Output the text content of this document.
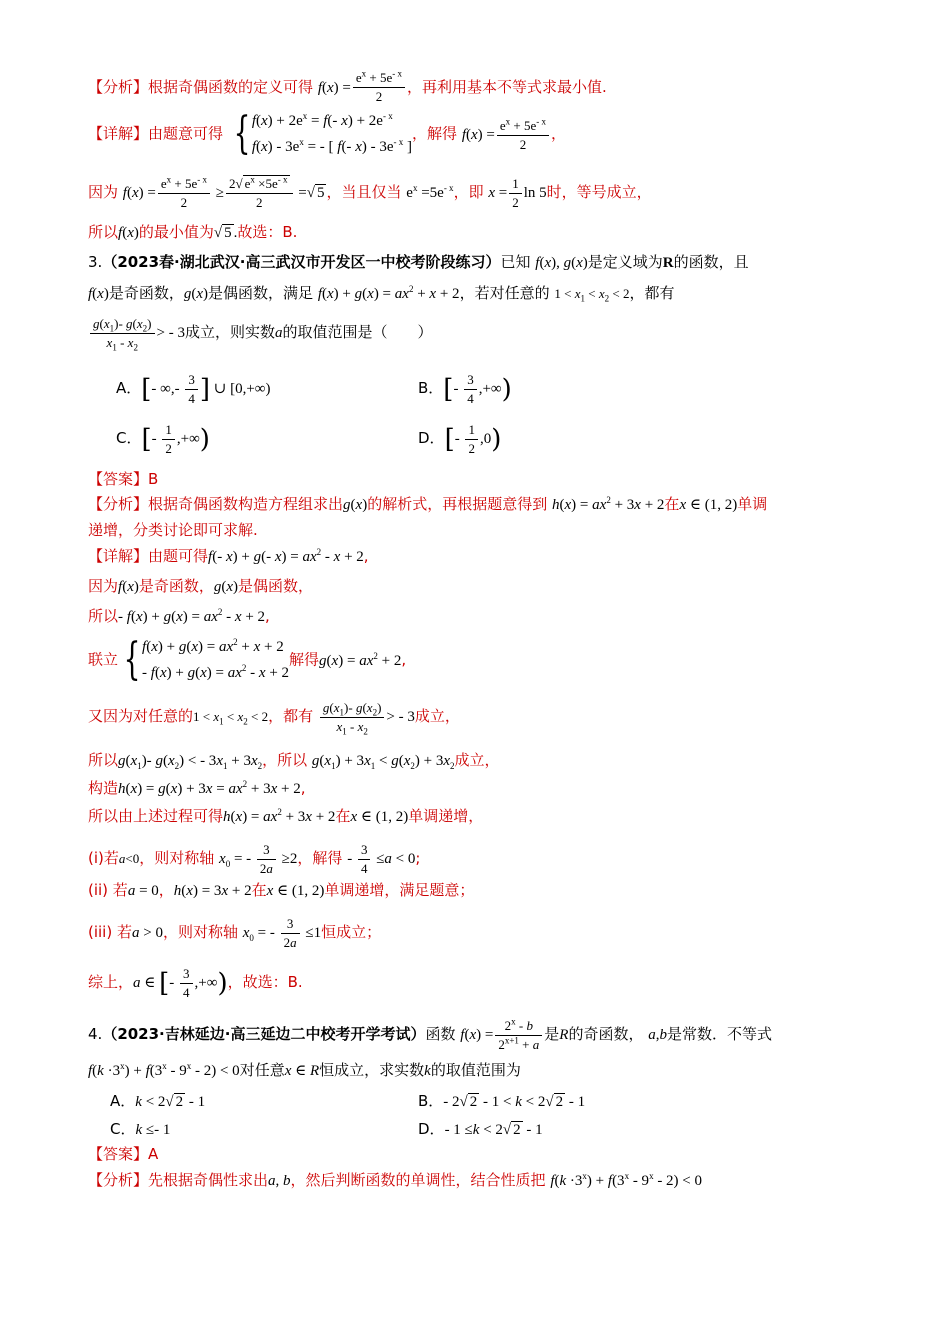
【分析】根据奇偶函数的定义可得 $f(x) = \frac{e^x + 5e^{- x}}{2}$ ，再利用基本不等式求最小值.
【详解】由题意可得 { $f(x) + 2e^x = f(-$ $x) + 2e^{- x}$
$f(x) - 3e^x$ = - [ f(- $x) - 3e^{- x}$ ]
，解得 $f(x) = \frac{e^x + 5e^{- x}}{2}$ ，
因为 $f(x) = \frac{e^x + 5e^{- x}}{2} \ge \frac{2√ e^x \times 5e^{- x}}{2}$ =√ 5 ，当且仅当 $e^x =5e^{- x}$，即 $x = \frac{1}{2}$ ln 5时，等号成立，
所以f(x)的最小值为√ 5 .故选：B.
3.（2023春·湖北武汉·高三武汉市开发区一中校考阶段练习）已知 f(x), g(x)是定义域为R的函数，且
f(x)是奇函数，g(x)是偶函数，满足 $f(x) + g(x) = ax^2 + x + 2$，若对任意的 $1 < x_1 < x_2 < 2$，都有
$\frac{g(x_1)- g(x_2)}{x_1 - x_2}$ > - 3成立，则实数a的取值范围是（　　）
A．[- ∞,- $\frac{3}{4}$ ] ∪ [0,+∞)	B．[- $\frac{3}{4}$ ,+∞)
C．[- $\frac{1}{2}$ ,+∞)	D．[- $\frac{1}{2} ,0$)
【答案】B
【分析】根据奇偶函数构造方程组求出g(x)的解析式，再根据题意得到 $h(x) = ax^2 + 3x + 2$在x ∈ (1, 2)单调
递增，分类讨论即可求解.
【详解】由题可得f(- x) + g(- $x) = ax^2 - x + 2$,
因为f(x)是奇函数，g(x)是偶函数，
所以- $f(x) + g(x) = ax^2 - x + 2$,
联立 { $f(x) + g(x) = ax^2 + x + 2$
- $f(x) + g(x) = ax^2 - x + 2$
解得$g(x) = ax^2 + 2$,
又因为对任意的$1 < x_1 < x_2 < 2$，都有 $\frac{g(x_1)- g(x_2)}{x_1 - x_2}$ > - 3成立，
所以$g(x_1)-$ $g(x_2)$ < - $3x_1 + 3x_2$，所以 $g(x_1) + 3x_1 < g(x_2) + 3x_2$成立，
构造$h(x) = g(x) + 3x = ax^2 + 3x + 2$,
所以由上述过程可得$h(x) = ax^2 + 3x + 2$在x ∈ (1, 2)单调递增，
(i)若a<0，则对称轴 $x_0$ = - $\frac{3}{2a} \ge 2$，解得 - $\frac{3}{4} \le a < 0$;
(ii) 若a = 0，h(x) = 3x + 2在x ∈ (1, 2)单调递增，满足题意；
(iii) 若a > 0，则对称轴 $x_0$ = - $\frac{3}{2a} \le 1$恒成立；
综上，a ∈ [- $\frac{3}{4}$ ,+∞)，故选：B.
4.（2023·吉林延边·高三延边二中校考开学考试）函数 $f(x) = \frac{2^x - b}{2^{x+1} + a}$ 是R的奇函数， a,b是常数．不等式
$f(k \cdot 3^x) + f(3^x - 9^x - 2) < 0$对任意x ∈ R恒成立，求实数k的取值范围为
A．k < 2√ 2 - 1	B．- 2√ 2 - 1 < k < 2√ 2 - 1
C．k ≤- 1	D．- 1 ≤k < 2√ 2 - 1
【答案】A
【分析】先根据奇偶性求出a, b，然后判断函数的单调性，结合性质把 $f(k \cdot 3^x) + f(3^x - 9^x - 2) < 0$
